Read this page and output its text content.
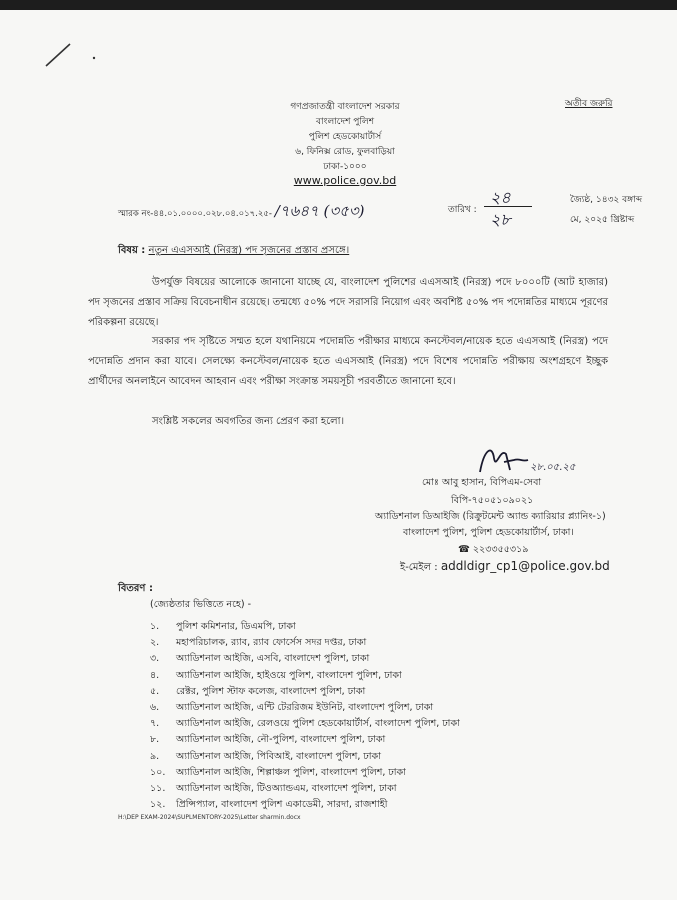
গণপ্রজাতন্ত্রী বাংলাদেশ সরকার
বাংলাদেশ পুলিশ
পুলিশ হেডকোয়ার্টার্স
৬, ফিনিক্স রোড, ফুলবাড়িয়া
ঢাকা-১০০০
www.police.gov.bd
অতীব জরুরি
স্মারক নং-৪৪.০১.০০০০.০২৮.০৪.০১৭.২৫- /৭৬৪৭ (৩৫৩)	তারিখ :
২৪
২৮
জ্যৈষ্ঠ, ১৪৩২ বঙ্গাব্দ
মে, ২০২৫ খ্রিষ্টাব্দ
বিষয় : নতুন এএসআই (নিরস্ত্র) পদ সৃজনের প্রস্তাব প্রসঙ্গে।
উপর্যুক্ত বিষয়ের আলোকে জানানো যাচ্ছে যে, বাংলাদেশ পুলিশের এএসআই (নিরস্ত্র) পদে ৮০০০টি (আট হাজার) পদ সৃজনের প্রস্তাব সক্রিয় বিবেচনাধীন রয়েছে। তন্মধ্যে ৫০% পদে সরাসরি নিয়োগ এবং অবশিষ্ট ৫০% পদ পদোন্নতির মাধ্যমে পূরণের পরিকল্পনা রয়েছে।
সরকার পদ সৃষ্টিতে সম্মত হলে যথানিয়মে পদোন্নতি পরীক্ষার মাধ্যমে কনস্টেবল/নায়েক হতে এএসআই (নিরস্ত্র) পদে পদোন্নতি প্রদান করা যাবে। সেলক্ষ্যে কনস্টেবল/নায়েক হতে এএসআই (নিরস্ত্র) পদে বিশেষ পদোন্নতি পরীক্ষায় অংশগ্রহণে ইচ্ছুক প্রার্থীদের অনলাইনে আবেদন আহবান এবং পরীক্ষা সংক্রান্ত সময়সূচী পরবর্তীতে জানানো হবে।
সংশ্লিষ্ট সকলের অবগতির জন্য প্রেরণ করা হলো।
২৮.০৫.২৫
মোঃ আবু হাসান, বিপিএম-সেবা
বিপি-৭৫০৫১০৯০২১
অ্যাডিশনাল ডিআইজি (রিক্রুটমেন্ট অ্যান্ড ক্যারিয়ার প্ল্যানিং-১)
বাংলাদেশ পুলিশ, পুলিশ হেডকোয়ার্টার্স, ঢাকা।
☎ ২২৩৩৫৫৩১৯
ই-মেইল : addldigr_cp1@police.gov.bd
বিতরণ :
(জ্যেষ্ঠতার ভিত্তিতে নহে) -
১. পুলিশ কমিশনার, ডিএমপি, ঢাকা
২. মহাপরিচালক, র‍্যাব, র‍্যাব ফোর্সেস সদর দপ্তর, ঢাকা
৩. অ্যাডিশনাল আইজি, এসবি, বাংলাদেশ পুলিশ, ঢাকা
৪. অ্যাডিশনাল আইজি, হাইওয়ে পুলিশ, বাংলাদেশ পুলিশ, ঢাকা
৫. রেক্টর, পুলিশ স্টাফ কলেজ, বাংলাদেশ পুলিশ, ঢাকা
৬. অ্যাডিশনাল আইজি, এন্টি টেররিজম ইউনিট, বাংলাদেশ পুলিশ, ঢাকা
৭. অ্যাডিশনাল আইজি, রেলওয়ে পুলিশ হেডকোয়ার্টার্স, বাংলাদেশ পুলিশ, ঢাকা
৮. অ্যাডিশনাল আইজি, নৌ-পুলিশ, বাংলাদেশ পুলিশ, ঢাকা
৯. অ্যাডিশনাল আইজি, পিবিআই, বাংলাদেশ পুলিশ, ঢাকা
১০. অ্যাডিশনাল আইজি, শিল্পাঞ্চল পুলিশ, বাংলাদেশ পুলিশ, ঢাকা
১১. অ্যাডিশনাল আইজি, টিওঅ্যান্ডএম, বাংলাদেশ পুলিশ, ঢাকা
১২. প্রিন্সিপ্যাল, বাংলাদেশ পুলিশ একাডেমী, সারদা, রাজশাহী
H:\DEP EXAM-2024\SUPLMENTORY-2025\Letter sharmin.docx
